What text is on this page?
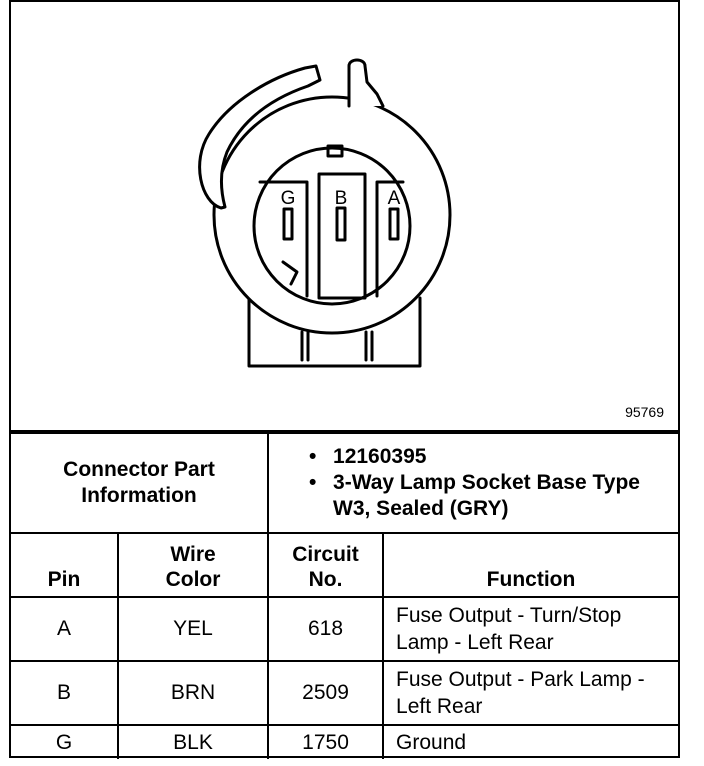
G B A
95769
Connector Part Information		• 12160395
• 3-Way Lamp Socket Base Type W3, Sealed (GRY)	

Pin	Wire Color	Circuit No.	Function
A	YEL	618	Fuse Output - Turn/Stop Lamp - Left Rear
B	BRN	2509	Fuse Output - Park Lamp - Left Rear
G	BLK	1750	Ground
